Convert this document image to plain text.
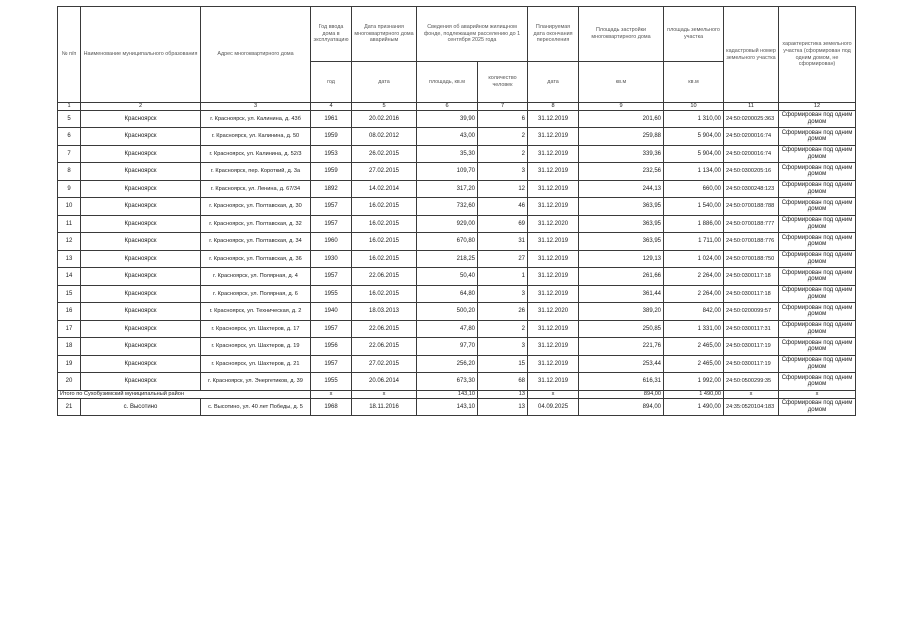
№ п/п	Наименование муниципального образования	Адрес многоквартирного дома	Год ввода дома в эксплуатацию	Дата признания многоквартирного дома аварийным	Сведения об аварийном жилищном фонде, подлежащем расселению до 1 сентября 2025 года		Планируемая дата окончания переселения	Площадь застройки многоквартирного дома	площадь земельного участка	кадастровый номер земельного участка	характеристика земельного участка (сформирован под одним домом, не сформирован)
			год	дата	площадь, кв.м	количество человек	дата	кв.м	кв.м		
1	2	3	4	5	6	7	8	9	10	11	12
5	Красноярск	г. Красноярск, ул. Калинина, д. 43б	1961	20.02.2016	39,90	6	31.12.2019	201,60	1 310,00	24:50:0200025:363	Сформирован под одним домом
6	Красноярск	г. Красноярск, ул. Калинина, д. 50	1959	08.02.2012	43,00	2	31.12.2019	259,88	5 904,00	24:50:0200016:74	Сформирован под одним домом
7	Красноярск	г. Красноярск, ул. Калинина, д. 52/3	1953	26.02.2015	35,30	2	31.12.2019	339,36	5 904,00	24:50:0200016:74	Сформирован под одним домом
8	Красноярск	г. Красноярск, пер. Короткий, д. 3а	1959	27.02.2015	109,70	3	31.12.2019	232,56	1 134,00	24:50:0300205:16	Сформирован под одним домом
9	Красноярск	г. Красноярск, ул. Ленина, д. 67/34	1892	14.02.2014	317,20	12	31.12.2019	244,13	660,00	24:50:0300248:123	Сформирован под одним домом
10	Красноярск	г. Красноярск, ул. Полтавская, д. 30	1957	16.02.2015	732,60	46	31.12.2019	363,95	1 540,00	24:50:0700188:788	Сформирован под одним домом
11	Красноярск	г. Красноярск, ул. Полтавская, д. 32	1957	16.02.2015	929,00	69	31.12.2020	363,95	1 886,00	24:50:0700188:777	Сформирован под одним домом
12	Красноярск	г. Красноярск, ул. Полтавская, д. 34	1960	16.02.2015	670,80	31	31.12.2019	363,95	1 711,00	24:50:0700188:776	Сформирован под одним домом
13	Красноярск	г. Красноярск, ул. Полтавская, д. 36	1930	16.02.2015	218,25	27	31.12.2019	129,13	1 024,00	24:50:0700188:750	Сформирован под одним домом
14	Красноярск	г. Красноярск, ул. Полярная, д. 4	1957	22.06.2015	50,40	1	31.12.2019	261,66	2 264,00	24:50:0300117:18	Сформирован под одним домом
15	Красноярск	г. Красноярск, ул. Полярная, д. 6	1955	16.02.2015	64,80	3	31.12.2019	361,44	2 264,00	24:50:0300117:18	Сформирован под одним домом
16	Красноярск	г. Красноярск, ул. Техническая, д. 2	1940	18.03.2013	500,20	26	31.12.2020	389,20	842,00	24:50:0200099:57	Сформирован под одним домом
17	Красноярск	г. Красноярск, ул. Шахтеров, д. 17	1957	22.06.2015	47,80	2	31.12.2019	250,85	1 331,00	24:50:0300117:31	Сформирован под одним домом
18	Красноярск	г. Красноярск, ул. Шахтеров, д. 19	1956	22.06.2015	97,70	3	31.12.2019	221,76	2 465,00	24:50:0300117:19	Сформирован под одним домом
19	Красноярск	г. Красноярск, ул. Шахтеров, д. 21	1957	27.02.2015	256,20	15	31.12.2019	253,44	2 465,00	24:50:0300117:19	Сформирован под одним домом
20	Красноярск	г. Красноярск, ул. Энергетиков, д. 39	1955	20.06.2014	673,30	68	31.12.2019	616,31	1 992,00	24:50:0500299:35	Сформирован под одним домом
Итого по Сухобузимский муниципальный район			х	х	143,10	13	х	894,00	1 490,00	х	х
21	с. Высотино	с. Высотино, ул. 40 лет Победы, д. 5	1968	18.11.2016	143,10	13	04.09.2025	894,00	1 490,00	24:35:0520104:183	Сформирован под одним домом
